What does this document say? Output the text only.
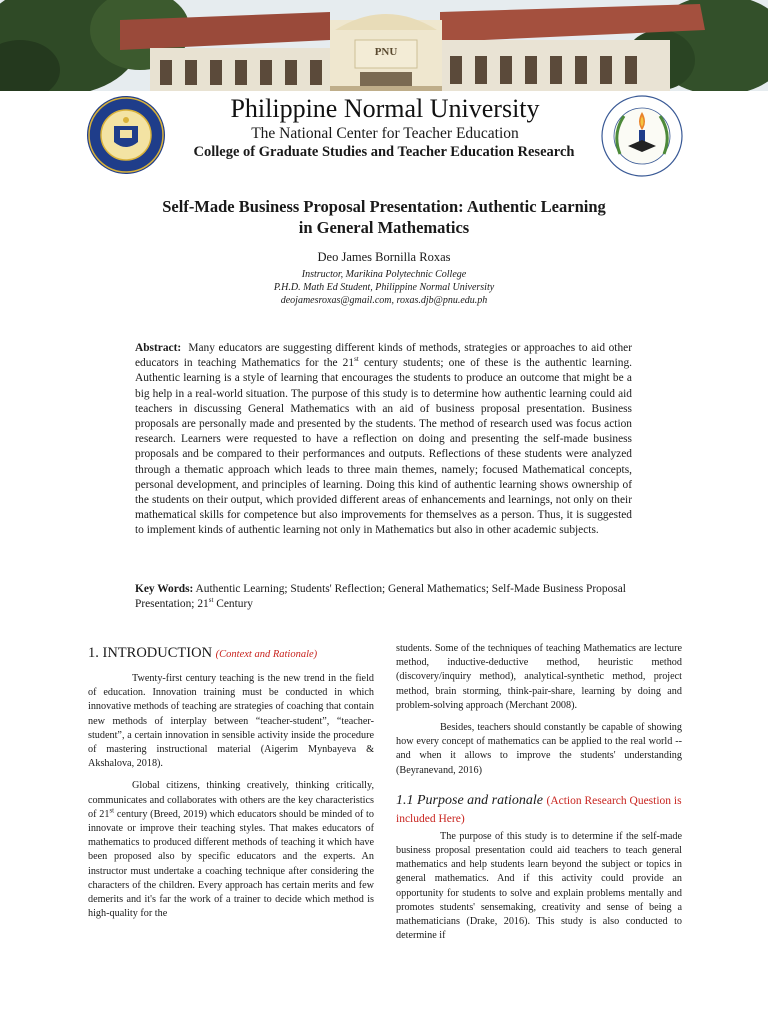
PNU
Philippine Normal University
The National Center for Teacher Education
College of Graduate Studies and Teacher Education Research
Self-Made Business Proposal Presentation: Authentic Learning
in General Mathematics
Deo James Bornilla Roxas
Instructor, Marikina Polytechnic College
P.H.D. Math Ed Student, Philippine Normal University
deojamesroxas@gmail.com, roxas.djb@pnu.edu.ph
Abstract: Many educators are suggesting different kinds of methods, strategies or approaches to aid other educators in teaching Mathematics for the 21st century students; one of these is the authentic learning. Authentic learning is a style of learning that encourages the students to produce an outcome that might be a big help in a real-world situation. The purpose of this study is to determine how authentic learning could aid teachers in discussing General Mathematics with an aid of business proposal presentation. Business proposals are personally made and presented by the students. The method of research used was focus action research. Learners were requested to have a reflection on doing and presenting the self-made business proposals and be compared to their performances and outputs. Reflections of these students were analyzed through a thematic approach which leads to three main themes, namely; focused Mathematical concepts, personal development, and principles of learning. Doing this kind of authentic learning shows ownership of the students on their output, which provided different areas of enhancements and learnings, not only on their mathematical skills for competence but also improvements for themselves as a person. Thus, it is suggested to implement kinds of authentic learning not only in Mathematics but also in other academic subjects.
Key Words: Authentic Learning; Students' Reflection; General Mathematics; Self-Made Business Proposal Presentation; 21st Century
1. INTRODUCTION (Context and Rationale)

Twenty-first century teaching is the new trend in the field of education. Innovation training must be conducted in which innovative methods of teaching are strategies of coaching that contain new methods of interplay between “teacher-student”, “teacher-student”, a certain innovation in sensible activity inside the procedure of mastering instructional material (Aigerim Mynbayeva & Akshalova, 2018).

Global citizens, thinking creatively, thinking critically, communicates and collaborates with others are the key characteristics of 21st century (Breed, 2019) which educators should be minded of to innovate or improve their teaching styles. That makes educators of mathematics to produced different methods of teaching it which have been proposed also by specific educators and the experts. An instructor must undertake a coaching technique after considering the characters of the children. Every approach has certain merits and few demerits and it's far the work of a trainer to decide which method is high-quality for the

students. Some of the techniques of teaching Mathematics are lecture method, inductive-deductive method, heuristic method (discovery/inquiry method), analytical-synthetic method, project method, brain storming, think-pair-share, learning by doing and problem-solving approach (Merchant 2008).

Besides, teachers should constantly be capable of showing how every concept of mathematics can be applied to the real world -- and when it allows to improve the students' understanding (Beyranevand, 2016)

1.1 Purpose and rationale (Action Research Question is included Here)

The purpose of this study is to determine if the self-made business proposal presentation could aid teachers to teach general mathematics and help students learn beyond the subject or topics in general mathematics. And if this activity could provide an opportunity for students to solve and explain problems mentally and promotes students' sensemaking, creativity and sense of being a mathematicians (Drake, 2016). This study is also conducted to determine if
